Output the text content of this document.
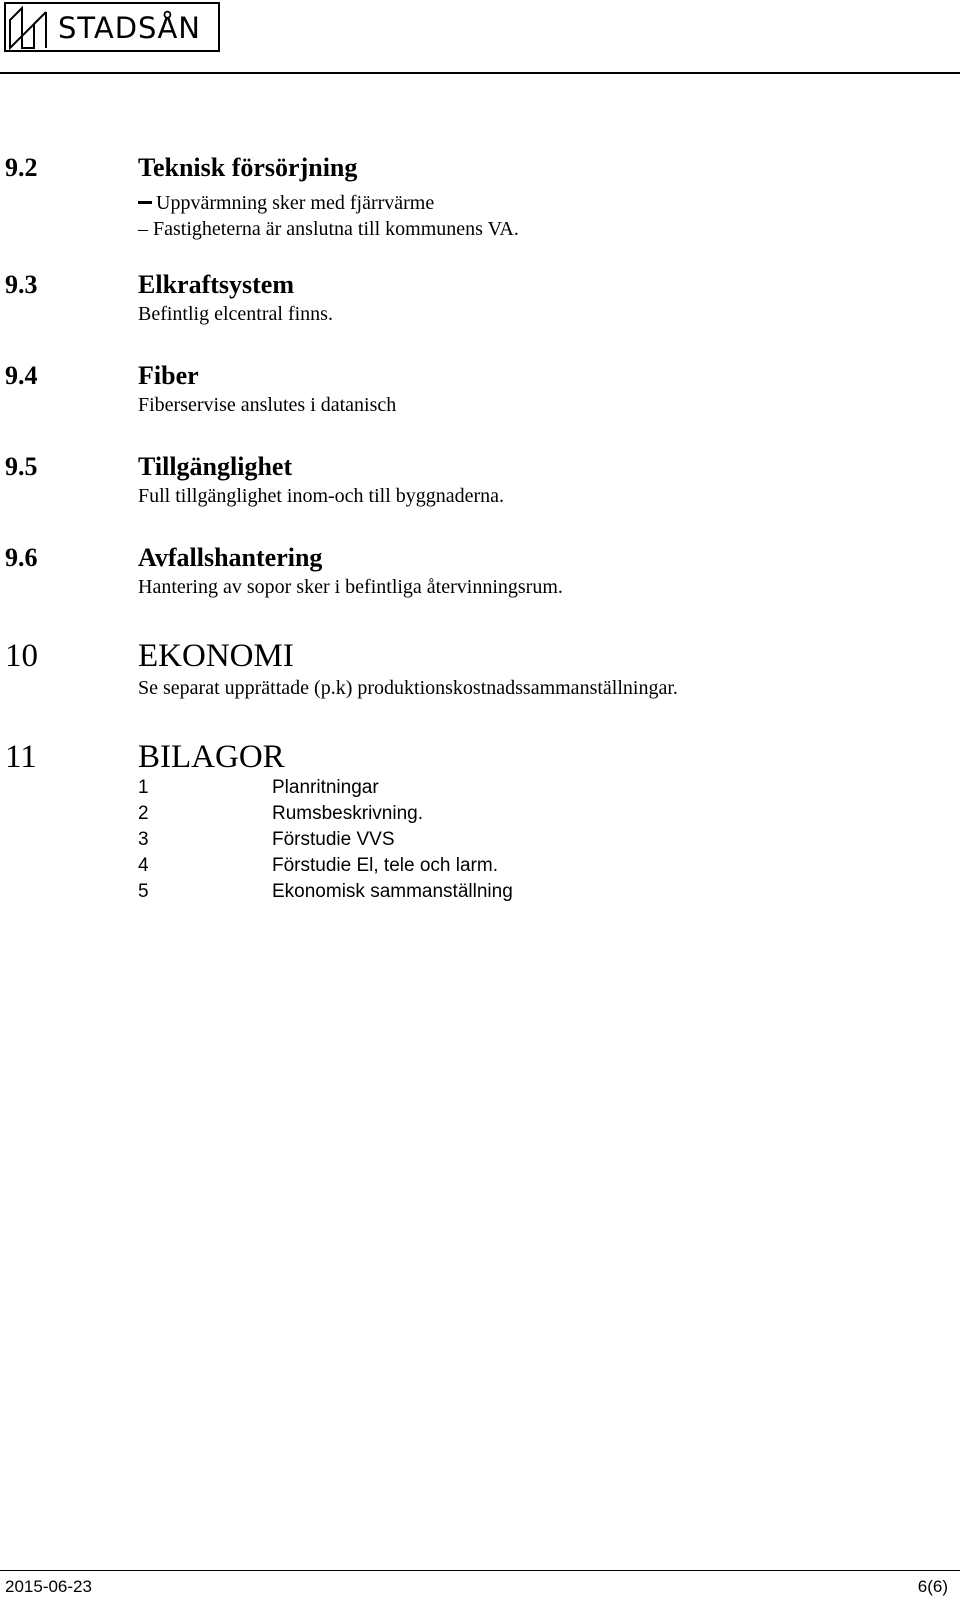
STADSÅN
9.2	Teknisk försörjning
Uppvärmning sker med fjärrvärme
– Fastigheterna är anslutna till kommunens VA.
9.3	Elkraftsystem
Befintlig elcentral finns.
9.4	Fiber
Fiberservise anslutes i datanisch
9.5	Tillgänglighet
Full tillgänglighet inom-och till byggnaderna.
9.6	Avfallshantering
Hantering av sopor sker i befintliga återvinningsrum.
10	EKONOMI
Se separat upprättade (p.k) produktionskostnadssammanställningar.
11	BILAGOR
1	Planritningar
2	Rumsbeskrivning.
3	Förstudie VVS
4	Förstudie El, tele och larm.
5	Ekonomisk sammanställning
2015-06-23	6(6)
